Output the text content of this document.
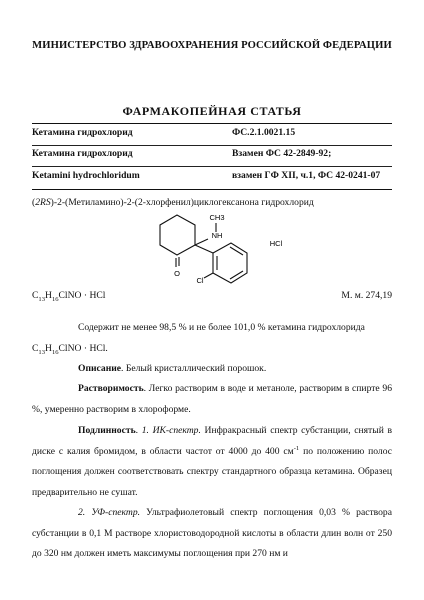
МИНИСТЕРСТВО ЗДРАВООХРАНЕНИЯ РОССИЙСКОЙ ФЕДЕРАЦИИ
ФАРМАКОПЕЙНАЯ СТАТЬЯ
Кетамина гидрохлорид	ФС.2.1.0021.15
Кетамина гидрохлорид	Взамен ФС 42-2849-92;
Ketamini hydrochloridum	взамен ГФ XII, ч.1, ФС 42-0241-07
(2RS)-2-(Метиламино)-2-(2-хлорфенил)циклогексанона гидрохлорид
CH3
NH
O
Cl
HCl
$C_{13}H_{16}ClNO$ · HCl	М. м. 274,19
Содержит не менее 98,5 % и не более 101,0 % кетамина гидрохлорида
$C_{13}H_{16}ClNO$ · HCl.
Описание. Белый кристаллический порошок.
Растворимость. Легко растворим в воде и метаноле, растворим в спирте 96 %, умеренно растворим в хлороформе.
Подлинность. 1. ИК-спектр. Инфракрасный спектр субстанции, снятый в диске с калия бромидом, в области частот от 4000 до 400 $см^{-1}$ по положению полос поглощения должен соответствовать спектру стандартного образца кетамина. Образец предварительно не сушат.
2. УФ-спектр. Ультрафиолетовый спектр поглощения 0,03 % раствора субстанции в 0,1 М растворе хлористоводородной кислоты в области длин волн от 250 до 320 нм должен иметь максимумы поглощения при 270 нм и
